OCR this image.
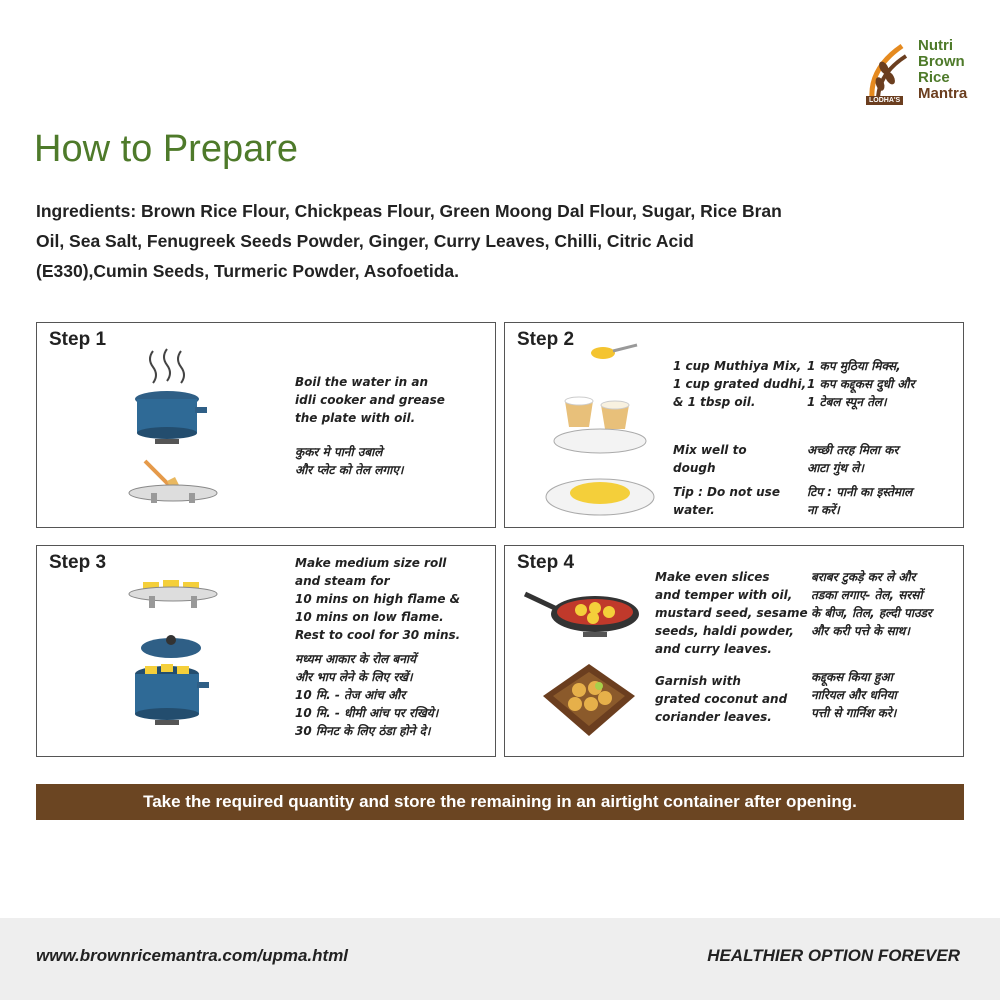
Nutri
Brown
Rice
Mantra
LODHA'S
How to Prepare

Ingredients: Brown Rice Flour, Chickpeas Flour, Green Moong Dal Flour, Sugar, Rice Bran Oil, Sea Salt, Fenugreek Seeds Powder, Ginger, Curry Leaves, Chilli, Citric Acid (E330),Cumin Seeds, Turmeric Powder, Asofoetida.

Step 1
Boil the water in an
idli cooker and grease
the plate with oil.
कुकर मे पानी उबाले
और प्लेट को तेल लगाए।
Step 2
1 cup Muthiya Mix,
1 cup grated dudhi,
& 1 tbsp oil.
1 कप मुठिया मिक्स,
1 कप कद्दूकस दुधी और
1 टेबल स्पून तेल।
Mix well to
dough
अच्छी तरह मिला कर
आटा गुंथ ले।
Tip : Do not use
water.
टिप : पानी का इस्तेमाल
ना करें।
Step 3	Make medium size roll
and steam for
10 mins on high flame &
10 mins on low flame.
Rest to cool for 30 mins.
मध्यम आकार के रोल बनायें
और भाप लेने के लिए रखें।
10 मि. - तेज आंच और
10 मि. - धीमी आंच पर रखिये।
30 मिनट के लिए ठंडा होने दे।
Step 4
Make even slices
and temper with oil,
mustard seed, sesame
seeds, haldi powder,
and curry leaves.
बराबर टुकड़े कर ले और
तडका लगाए- तेल, सरसों
के बीज, तिल, हल्दी पाउडर
और करी पत्ते के साथ।
Garnish with
grated coconut and
coriander leaves.
कद्दूकस किया हुआ
नारियल और धनिया
पत्ती से गार्निश करे।
Take the required quantity and store the remaining in an airtight container after opening.
www.brownricemantra.com/upma.html	HEALTHIER OPTION FOREVER
